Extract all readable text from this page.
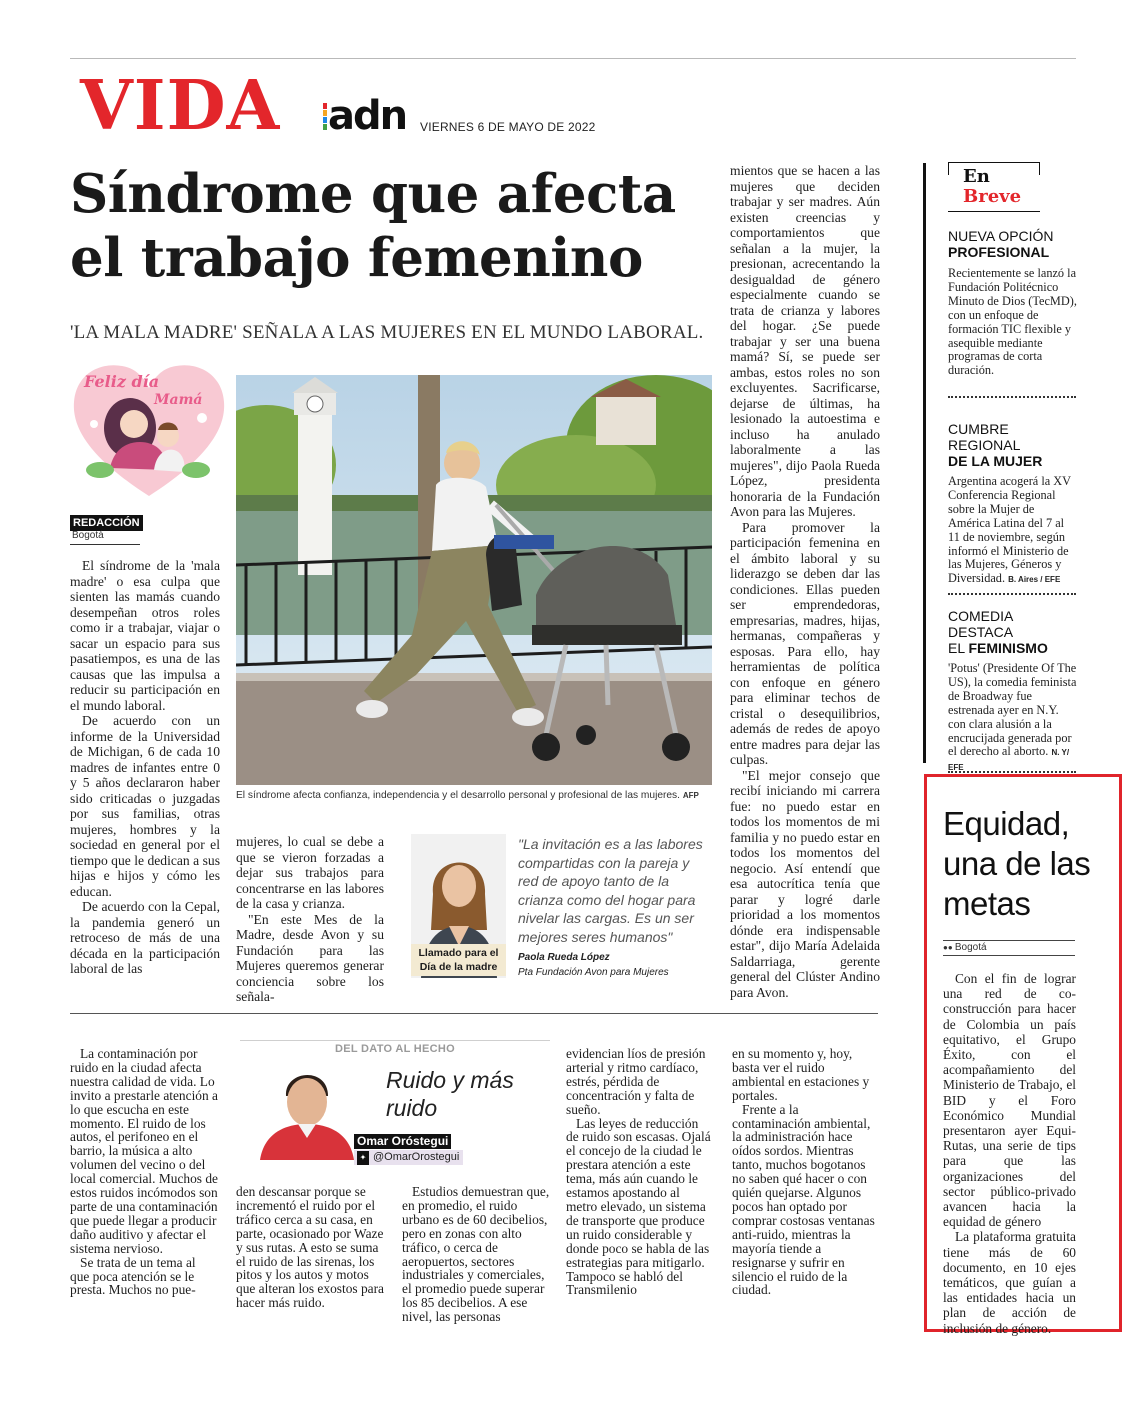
VIDA adn VIERNES 6 DE MAYO DE 2022
Síndrome que afecta
el trabajo femenino
'LA MALA MADRE' SEÑALA A LAS MUJERES EN EL MUNDO LABORAL.
Feliz día
Mamá
REDACCIÓN
Bogotá

El síndrome de la 'mala madre' o esa culpa que sienten las mamás cuando desempeñan otros roles como ir a trabajar, viajar o sacar un espacio para sus pasatiempos, es una de las causas que las impulsa a reducir su participación en el mundo laboral.

De acuerdo con un informe de la Universidad de Michigan, 6 de cada 10 madres de infantes entre 0 y 5 años declararon haber sido criticadas o juzgadas por sus familias, otras mujeres, hombres y la sociedad en general por el tiempo que le dedican a sus hijas e hijos y cómo les educan.

De acuerdo con la Cepal, la pandemia generó un retroceso de más de una década en la participación laboral de las

El síndrome afecta confianza, independencia y el desarrollo personal y profesional de las mujeres. AFP

mujeres, lo cual se debe a que se vieron forzadas a dejar sus trabajos para concentrarse en las labores de la casa y crianza.

"En este Mes de la Madre, desde Avon y su Fundación para las Mujeres queremos generar conciencia sobre los señala-

Llamado para el Día de la madre
"La invitación es a las labores compartidas con la pareja y red de apoyo tanto de la crianza como del hogar para nivelar las cargas. Es un ser mejores seres humanos"
Paola Rueda López
Pta Fundación Avon para Mujeres

mientos que se hacen a las mujeres que deciden trabajar y ser madres. Aún existen creencias y comportamientos que señalan a la mujer, la presionan, acrecentando la desigualdad de género especialmente cuando se trata de crianza y labores del hogar. ¿Se puede trabajar y ser una buena mamá? Sí, se puede ser ambas, estos roles no son excluyentes. Sacrificarse, dejarse de últimas, ha lesionado la autoestima e incluso ha anulado laboralmente a las mujeres", dijo Paola Rueda López, presidenta honoraria de la Fundación Avon para las Mujeres.

Para promover la participación femenina en el ámbito laboral y su liderazgo se deben dar las condiciones. Ellas pueden ser emprendedoras, empresarias, madres, hijas, hermanas, compañeras y esposas. Para ello, hay herramientas de política con enfoque en género para eliminar techos de cristal o desequilibrios, además de redes de apoyo entre madres para dejar las culpas.

"El mejor consejo que recibí iniciando mi carrera fue: no puedo estar en todos los momentos de mi familia y no puedo estar en todos los momentos del negocio. Así entendí que esa autocrítica tenía que parar y logré darle prioridad a los momentos dónde era indispensable estar", dijo María Adelaida Saldarriaga, gerente general del Clúster Andino para Avon.

En
Breve
NUEVA OPCIÓN
PROFESIONAL
Recientemente se lanzó la Fundación Politécnico Minuto de Dios (TecMD), con un enfoque de formación TIC flexible y asequible mediante programas de corta duración.
CUMBRE REGIONAL
DE LA MUJER
Argentina acogerá la XV Conferencia Regional sobre la Mujer de América Latina del 7 al 11 de noviembre, según informó el Ministerio de las Mujeres, Géneros y Diversidad. B. Aires / EFE
COMEDIA DESTACA
EL FEMINISMO
'Potus' (Presidente Of The US), la comedia feminista de Broadway fue estrenada ayer en N.Y. con clara alusión a la encrucijada generada por el derecho al aborto. N. Y/ EFE
Equidad, una de las metas
●● Bogotá

Con el fin de lograr una red de co-construcción para hacer de Colombia un país equitativo, el Grupo Éxito, con el acompañamiento del Ministerio de Trabajo, el BID y el Foro Económico Mundial presentaron ayer Equi-Rutas, una serie de tips para que las organizaciones del sector público-privado avancen hacia la equidad de género

La plataforma gratuita tiene más de 60 documento, en 10 ejes temáticos, que guían a las entidades hacia un plan de acción de inclusión de género.

La contaminación por ruido en la ciudad afecta nuestra calidad de vida. Lo invito a prestarle atención a lo que escucha en este momento. El ruido de los autos, el perifoneo en el barrio, la música a alto volumen del vecino o del local comercial. Muchos de estos ruidos incómodos son parte de una contaminación que puede llegar a producir daño auditivo y afectar el sistema nervioso.

Se trata de un tema al que poca atención se le presta. Muchos no pue-

DEL DATO AL HECHO
Ruido y más ruido
Omar Oróstegui
✦ @OmarOrostegui

den descansar porque se incrementó el ruido por el tráfico cerca a su casa, en parte, ocasionado por Waze y sus rutas. A esto se suma el ruido de las sirenas, los pitos y los autos y motos que alteran los exostos para hacer más ruido.

Estudios demuestran que, en promedio, el ruido urbano es de 60 decibelios, pero en zonas con alto tráfico, o cerca de aeropuertos, sectores industriales y comerciales, el promedio puede superar los 85 decibelios. A ese nivel, las personas

evidencian líos de presión arterial y ritmo cardíaco, estrés, pérdida de concentración y falta de sueño.

Las leyes de reducción de ruido son escasas. Ojalá el concejo de la ciudad le prestara atención a este tema, más aún cuando le estamos apostando al metro elevado, un sistema de transporte que produce un ruido considerable y donde poco se habla de las estrategias para mitigarlo. Tampoco se habló del Transmilenio

en su momento y, hoy, basta ver el ruido ambiental en estaciones y portales.

Frente a la contaminación ambiental, la administración hace oídos sordos. Mientras tanto, muchos bogotanos no saben qué hacer o con quién quejarse. Algunos pocos han optado por comprar costosas ventanas anti-ruido, mientras la mayoría tiende a resignarse y sufrir en silencio el ruido de la ciudad.
